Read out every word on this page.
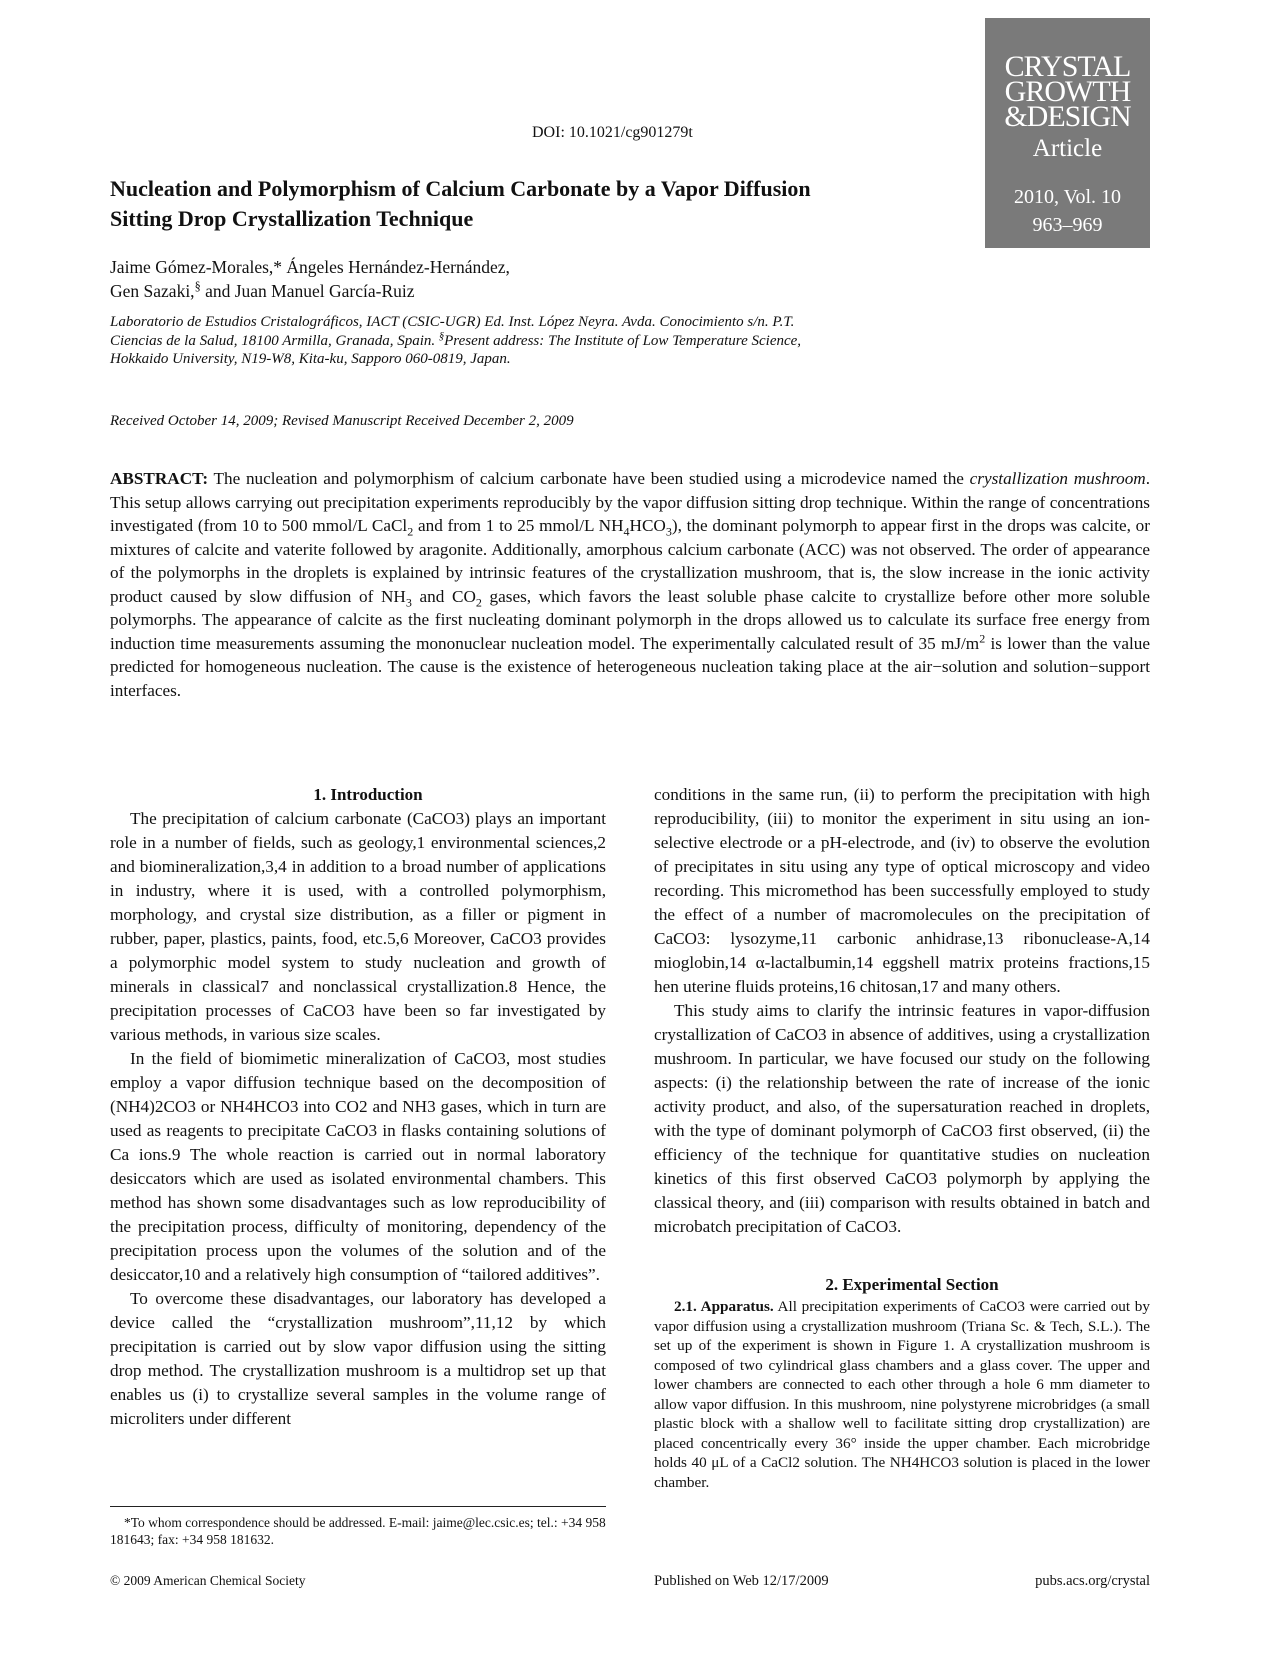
DOI: 10.1021/cg901279t
CRYSTAL
GROWTH
&DESIGN
Article
2010, Vol. 10
963–969
Nucleation and Polymorphism of Calcium Carbonate by a Vapor Diffusion Sitting Drop Crystallization Technique
Jaime Gómez-Morales,* Ángeles Hernández-Hernández,
Gen Sazaki,§ and Juan Manuel García-Ruiz
Laboratorio de Estudios Cristalográficos, IACT (CSIC-UGR) Ed. Inst. López Neyra. Avda. Conocimiento s/n. P.T. Ciencias de la Salud, 18100 Armilla, Granada, Spain. §Present address: The Institute of Low Temperature Science, Hokkaido University, N19-W8, Kita-ku, Sapporo 060-0819, Japan.
Received October 14, 2009; Revised Manuscript Received December 2, 2009
ABSTRACT: The nucleation and polymorphism of calcium carbonate have been studied using a microdevice named the crystallization mushroom. This setup allows carrying out precipitation experiments reproducibly by the vapor diffusion sitting drop technique. Within the range of concentrations investigated (from 10 to 500 mmol/L CaCl$_2$ and from 1 to 25 mmol/L $NH_4HCO_3$), the dominant polymorph to appear first in the drops was calcite, or mixtures of calcite and vaterite followed by aragonite. Additionally, amorphous calcium carbonate (ACC) was not observed. The order of appearance of the polymorphs in the droplets is explained by intrinsic features of the crystallization mushroom, that is, the slow increase in the ionic activity product caused by slow diffusion of $NH_3$ and $CO_2$ gases, which favors the least soluble phase calcite to crystallize before other more soluble polymorphs. The appearance of calcite as the first nucleating dominant polymorph in the drops allowed us to calculate its surface free energy from induction time measurements assuming the mononuclear nucleation model. The experimentally calculated result of 35 $mJ/m^2$ is lower than the value predicted for homogeneous nucleation. The cause is the existence of heterogeneous nucleation taking place at the air−solution and solution−support interfaces.

1. Introduction

The precipitation of calcium carbonate (CaCO3) plays an important role in a number of fields, such as geology,1 environmental sciences,2 and biomineralization,3,4 in addition to a broad number of applications in industry, where it is used, with a controlled polymorphism, morphology, and crystal size distribution, as a filler or pigment in rubber, paper, plastics, paints, food, etc.5,6 Moreover, CaCO3 provides a polymorphic model system to study nucleation and growth of minerals in classical7 and nonclassical crystallization.8 Hence, the precipitation processes of CaCO3 have been so far investigated by various methods, in various size scales.

In the field of biomimetic mineralization of CaCO3, most studies employ a vapor diffusion technique based on the decomposition of (NH4)2CO3 or NH4HCO3 into CO2 and NH3 gases, which in turn are used as reagents to precipitate CaCO3 in flasks containing solutions of Ca ions.9 The whole reaction is carried out in normal laboratory desiccators which are used as isolated environmental chambers. This method has shown some disadvantages such as low reproducibility of the precipitation process, difficulty of monitoring, dependency of the precipitation process upon the volumes of the solution and of the desiccator,10 and a relatively high consumption of “tailored additives”.

To overcome these disadvantages, our laboratory has developed a device called the “crystallization mushroom”,11,12 by which precipitation is carried out by slow vapor diffusion using the sitting drop method. The crystallization mushroom is a multidrop set up that enables us (i) to crystallize several samples in the volume range of microliters under different

conditions in the same run, (ii) to perform the precipitation with high reproducibility, (iii) to monitor the experiment in situ using an ion-selective electrode or a pH-electrode, and (iv) to observe the evolution of precipitates in situ using any type of optical microscopy and video recording. This micromethod has been successfully employed to study the effect of a number of macromolecules on the precipitation of CaCO3: lysozyme,11 carbonic anhidrase,13 ribonuclease-A,14 mioglobin,14 α-lactalbumin,14 eggshell matrix proteins fractions,15 hen uterine fluids proteins,16 chitosan,17 and many others.

This study aims to clarify the intrinsic features in vapor-diffusion crystallization of CaCO3 in absence of additives, using a crystallization mushroom. In particular, we have focused our study on the following aspects: (i) the relationship between the rate of increase of the ionic activity product, and also, of the supersaturation reached in droplets, with the type of dominant polymorph of CaCO3 first observed, (ii) the efficiency of the technique for quantitative studies on nucleation kinetics of this first observed CaCO3 polymorph by applying the classical theory, and (iii) comparison with results obtained in batch and microbatch precipitation of CaCO3.

2. Experimental Section

2.1. Apparatus. All precipitation experiments of CaCO3 were carried out by vapor diffusion using a crystallization mushroom (Triana Sc. & Tech, S.L.). The set up of the experiment is shown in Figure 1. A crystallization mushroom is composed of two cylindrical glass chambers and a glass cover. The upper and lower chambers are connected to each other through a hole 6 mm diameter to allow vapor diffusion. In this mushroom, nine polystyrene microbridges (a small plastic block with a shallow well to facilitate sitting drop crystallization) are placed concentrically every 36° inside the upper chamber. Each microbridge holds 40 μL of a CaCl2 solution. The NH4HCO3 solution is placed in the lower chamber.

*To whom correspondence should be addressed. E-mail: jaime@lec.csic.es; tel.: +34 958 181643; fax: +34 958 181632.
© 2009 American Chemical Society	Published on Web 12/17/2009	pubs.acs.org/crystal
